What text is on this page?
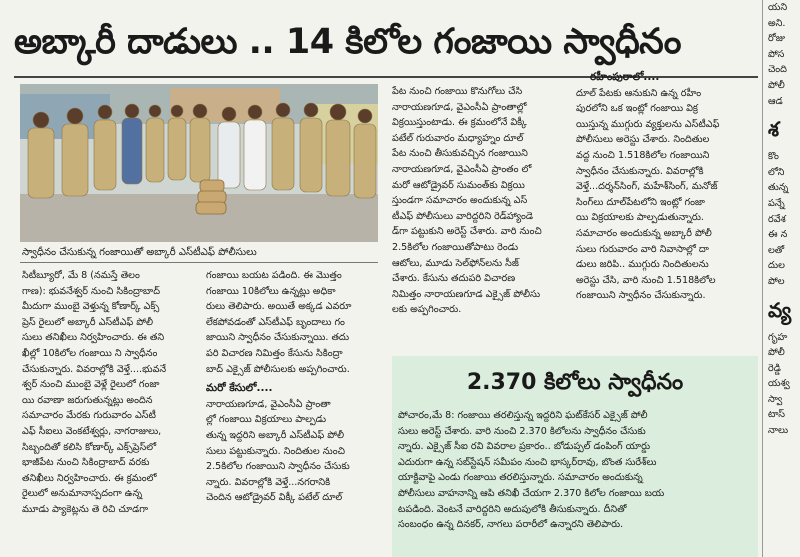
అబ్కారీ దాడులు .. 14 కిలోల గంజాయి స్వాధీనం
స్వాధీనం చేసుకున్న గంజాయితో అబ్కారీ ఎస్‌టీఎఫ్ పోలీసులు

సిటీబ్యూరో, మే 8 (నమస్తే తెలం

గాణ): భువనేశ్వర్ నుంచి సికింద్రాబాద్

మీదుగా ముంబై వెళ్తున్న కోణార్క్ ఎక్స్

ప్రెస్ రైలులో అబ్కారీ ఎస్‌టీఎఫ్ పోలీ

సులు తనిఖీలు నిర్వహించారు. ఈ తని

ఖీల్లో 10కిలోల గంజాయి ని స్వాధీనం

చేసుకున్నారు. వివరాల్లోకి వెళ్తే....భువనే

శ్వర్ నుంచి ముంబై వెళ్లే రైలులో గంజా

యి రవాణా జరుగుతున్నట్లు అందిన

సమాచారం మేరకు గురువారం ఎస్‌టీ

ఎఫ్ సీఐలు వెంకటేశ్వర్లు, నాగరాజులు,

సిబ్బందితో కలిసి కోణార్క్ ఎక్స్‌ప్రెస్‌లో

భాజీపేట నుంచి సికింద్రాబాద్ వరకు

తనిఖీలు నిర్వహించారు. ఈ క్రమంలో

రైలులో అనుమానాస్పదంగా ఉన్న

మూడు ప్యాకెట్లను తె రిచి చూడగా

గంజాయి బయట పడింది. ఈ మొత్తం

గంజాయి 10కిలోలు ఉన్నట్లు అధికా

రులు తెలిపారు. అయితే అక్కడ ఎవరూ

లేకపోవడంతో ఎస్‌టీఎఫ్ బృందాలు గం

జాయిని స్వాధీనం చేసుకున్నాయి. తదు

పరి విచారణ నిమిత్తం కేసును సికింద్రా

బాద్ ఎక్సైజ్ పోలీసులకు అప్పగించారు.

మరో కేసులో....

నారాయణగూడ, వైఎంసీఏ ప్రాంతా

ల్లో గంజాయి విక్రయాలు పాల్పడు

తున్న ఇద్దరిని అబ్కారీ ఎస్‌టీఎఫ్ పోలీ

సులు పట్టుకున్నారు. నిందితుల నుంచి

2.5కిలోల గంజాయిని స్వాధీనం చేసుకు

న్నారు. వివరాల్లోకి వెళ్తే...నగరానికి

చెందిన ఆటోడ్రైవర్ విక్కీ పటేల్ దూల్

పేట నుంచి గంజాయి కొనుగోలు చేసి

నారాయణగూడ, వైఎంసీఏ ప్రాంతాల్లో

విక్రయిస్తుంటాడు. ఈ క్రమంలోనే విక్కీ

పటేల్ గురువారం మధ్యాహ్నం దూల్

పేట నుంచి తీసుకువచ్చిన గంజాయిని

నారాయణగూడ, వైఎంసీఏ ప్రాంతం లో

మరో ఆటోడ్రైవర్ సుమంత్‌కు విక్రయి

స్తుండగా సమాచారం అందుకున్న ఎస్

టీఎఫ్ పోలీసులు వారిద్దరిని రెడ్‌హ్యాండె

డ్‌గా పట్టుకుని అరెస్ట్ చేశారు. వారి నుంచి

2.5కిలోల గంజాయితోపాటు రెండు

ఆటోలు, మూడు సెల్‌ఫోన్‌లను సీజ్

చేశారు. కేసును తదుపరి విచారణ

నిమిత్తం నారాయణగూడ ఎక్సైజ్ పోలీసు

లకు అప్పగించారు.

రహీంపురాలో....

దూల్ పేటకు ఆనుకుని ఉన్న రహీం

పురలోని ఒక ఇంట్లో గంజాయి విక్ర

యిస్తున్న ముగ్గురు వ్యక్తులను ఎస్‌టీఎఫ్

పోలీసులు అరెస్టు చేశారు. నిందితుల

వద్ద నుంచి 1.518కిలోల గంజాయిని

స్వాధీనం చేసుకున్నారు. వివరాల్లోకి

వెళ్తే...దర్శన్‌సింగ్, మహేశ్‌సింగ్, మనోజ్

సింగ్‌లు దూల్‌పేటలోని ఇంట్లో గంజా

యి విక్రయాలకు పాల్పడుతున్నారు.

సమాచారం అందుకున్న అబ్కారీ పోలీ

సులు గురువారం వారి నివాసాల్లో దా

డులు జరిపి.. ముగ్గురు నిందితులను

అరెస్టు చేసి, వారి నుంచి 1.518కిలోల

గంజాయిని స్వాధీనం చేసుకున్నారు.

2.370 కిలోలు స్వాధీనం

పోచారం,మే 8: గంజాయి తరలిస్తున్న ఇద్దరిని ఘట్‌కేసర్ ఎక్సైజ్ పోలీ

సులు అరెస్ట్ చేశారు. వారి నుంచి 2.370 కిలోలను స్వాధీనం చేసుకు

న్నారు. ఎక్సైజ్ సీఐ రవి వివరాల ప్రకారం.. బోడుప్పల్ డంపింగ్ యార్డు

ఎదురుగా ఉన్న సబ్‌స్టేషన్ సమీపం నుంచి భాస్కర్‌రావు, బొంత సురేశ్‌లు

యాక్టివాపై ఎండు గంజాయి తరలిస్తున్నారు. సమాచారం అందుకున్న

పోలీసులు వాహనాన్ని ఆపి తనిఖీ చేయగా 2.370 కిలోల గంజాయి బయ

టపడింది. వెంటనే వారిద్దరిని అదుపులోకి తీసుకున్నారు. దీనితో

సంబంధం ఉన్న దినకర్, నాగలు పరారీలో ఉన్నారని తెలిపారు.

యని

అని.

రోజు

పోస

చెంది

పోలీ

ఆడ

శ

కొం

లోని

తున్న

పన్నే

రవేశ

ఈ న

లతో

దుల

పోల

వ్య

గృహ

పోలీ

రెడ్డి

యశ్వ

స్వా

టాస్

నాలు
